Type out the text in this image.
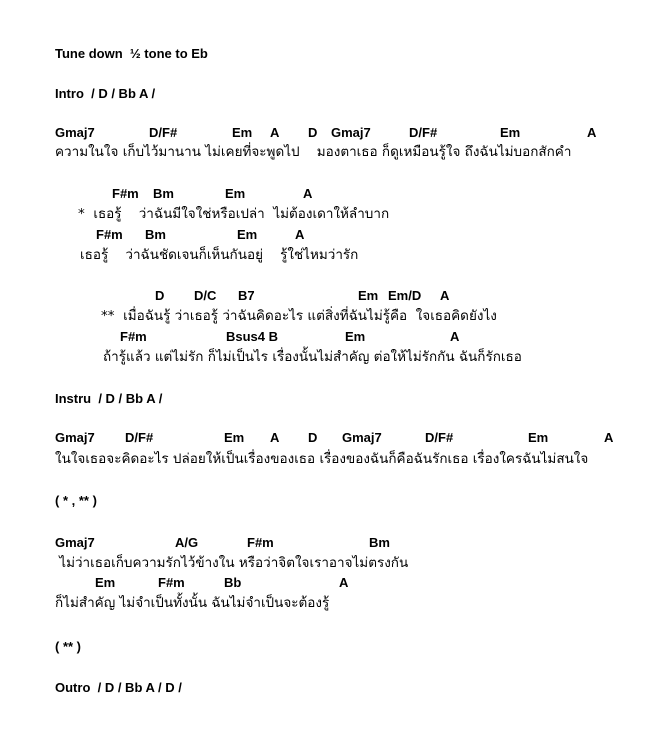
Tune down  ½ tone to Eb
Intro  / D / Bb A /
Gmaj7	D/F#	Em A D Gmaj7	D/F#	Em	A
ความในใจ เก็บไว้มานาน ไม่เคยที่จะพูดไป    มองตาเธอ ก็ดูเหมือนรู้ใจ ถึงฉันไม่บอกสักคำ
F#m Bm	Em	A
*  เธอรู้    ว่าฉันมีใจใช่หรือเปล่า  ไม่ต้องเดาให้ลำบาก
F#m Bm	Em	A
เธอรู้    ว่าฉันชัดเจนก็เห็นกันอยู่    รู้ใช่ไหมว่ารัก
D D/C B7	Em Em/D A
**  เมื่อฉันรู้ ว่าเธอรู้ ว่าฉันคิดอะไร แต่สิ่งที่ฉันไม่รู้คือ  ใจเธอคิดยังไง
F#m	Bsus4 B	Em	A
ถ้ารู้แล้ว แต่ไม่รัก ก็ไม่เป็นไร เรื่องนั้นไม่สำคัญ ต่อให้ไม่รักกัน ฉันก็รักเธอ
Instru  / D / Bb A /
Gmaj7 D/F#	Em A D Gmaj7	D/F#	Em	A
ในใจเธอจะคิดอะไร ปล่อยให้เป็นเรื่องของเธอ เรื่องของฉันก็คือฉันรักเธอ เรื่องใครฉันไม่สนใจ
( * , ** )
Gmaj7	A/G	F#m	Bm
ไม่ว่าเธอเก็บความรักไว้ข้างใน หรือว่าจิตใจเราอาจไม่ตรงกัน
Em	F#m	Bb	A
ก็ไม่สำคัญ ไม่จำเป็นทั้งนั้น ฉันไม่จำเป็นจะต้องรู้
( ** )
Outro  / D / Bb A / D /
